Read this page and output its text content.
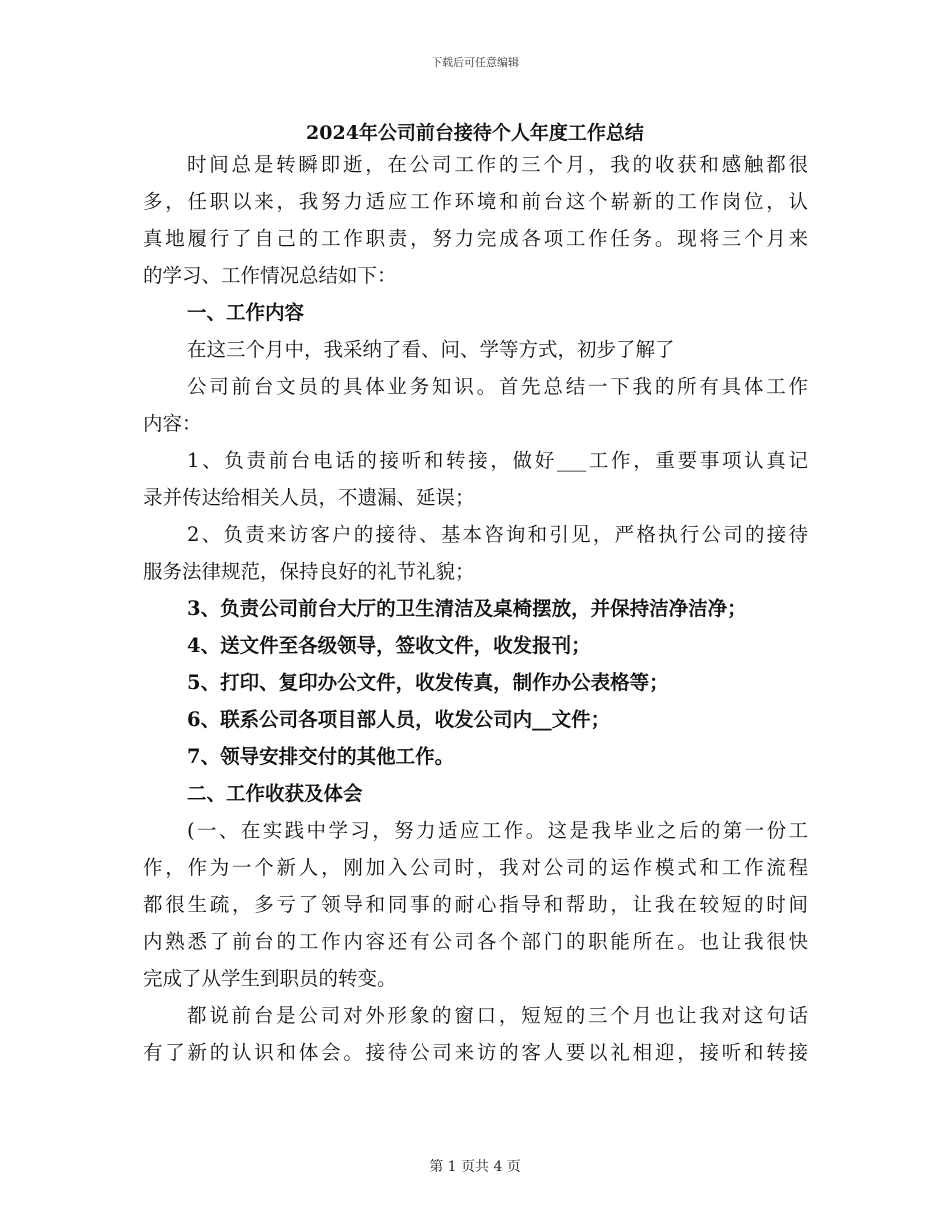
下载后可任意编辑
2024年公司前台接待个人年度工作总结
时间总是转瞬即逝，在公司工作的三个月，我的收获和感触都很
多，任职以来，我努力适应工作环境和前台这个崭新的工作岗位，认
真地履行了自己的工作职责，努力完成各项工作任务。现将三个月来
的学习、工作情况总结如下：
一、工作内容
在这三个月中，我采纳了看、问、学等方式，初步了解了
公司前台文员的具体业务知识。首先总结一下我的所有具体工作
内容：
1、负责前台电话的接听和转接，做好___工作，重要事项认真记
录并传达给相关人员，不遗漏、延误；
2、负责来访客户的接待、基本咨询和引见，严格执行公司的接待
服务法律规范，保持良好的礼节礼貌；
3、负责公司前台大厅的卫生清洁及桌椅摆放，并保持洁净洁净；
4、送文件至各级领导，签收文件，收发报刊；
5、打印、复印办公文件，收发传真，制作办公表格等；
6、联系公司各项目部人员，收发公司内__文件；
7、领导安排交付的其他工作。
二、工作收获及体会
(一、在实践中学习，努力适应工作。这是我毕业之后的第一份工
作，作为一个新人，刚加入公司时，我对公司的运作模式和工作流程
都很生疏，多亏了领导和同事的耐心指导和帮助，让我在较短的时间
内熟悉了前台的工作内容还有公司各个部门的职能所在。也让我很快
完成了从学生到职员的转变。
都说前台是公司对外形象的窗口，短短的三个月也让我对这句话
有了新的认识和体会。接待公司来访的客人要以礼相迎，接听和转接
第 1 页共 4 页
